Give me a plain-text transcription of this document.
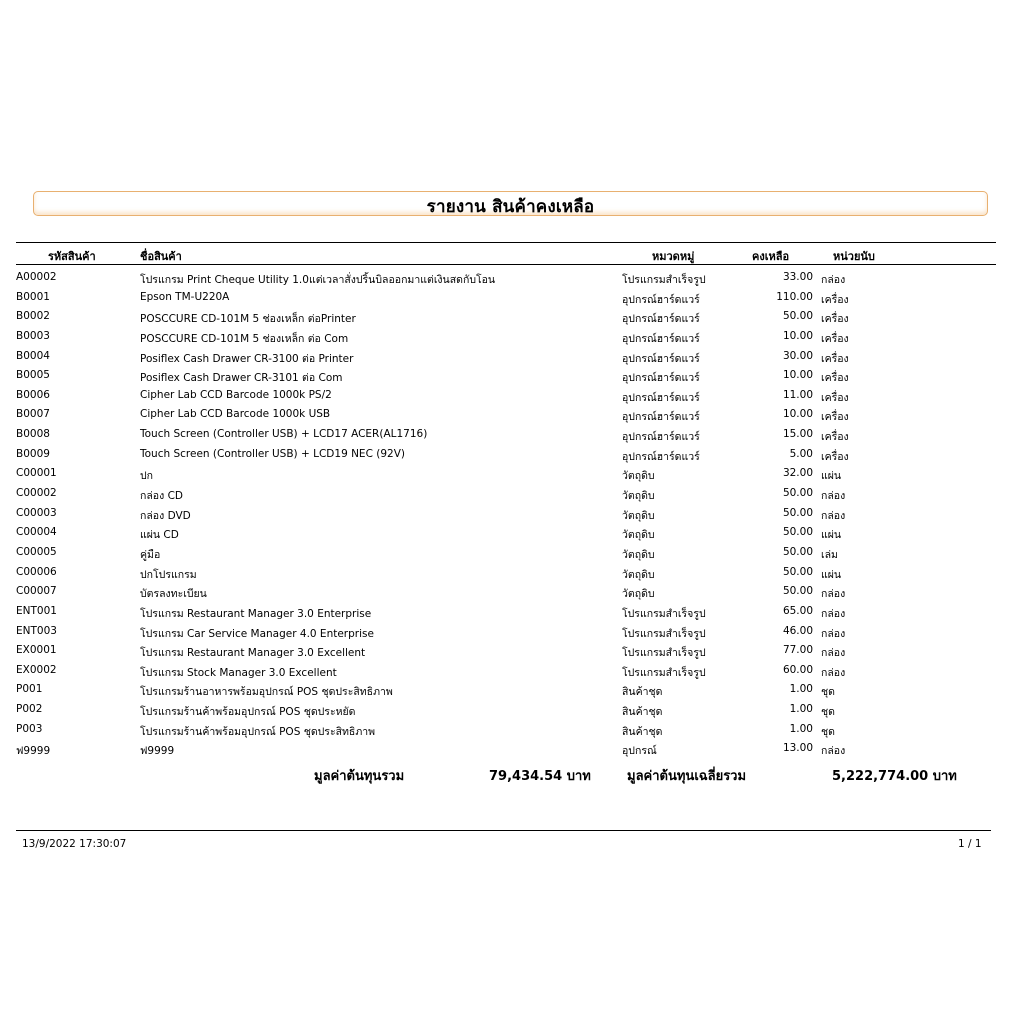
รายงาน สินค้าคงเหลือ
รหัสสินค้า	ชื่อสินค้า	หมวดหมู่	คงเหลือ	หน่วยนับ
A00002	โปรแกรม Print Cheque Utility 1.0แต่เวลาสั่งปริ้นบิลออกมาแต่เงินสดกับโอน	โปรแกรมสำเร็จรูป	33.00 กล่อง
B0001	Epson TM-U220A	อุปกรณ์ฮาร์ดแวร์	110.00 เครื่อง
B0002	POSCCURE CD-101M 5 ช่องเหล็ก ต่อPrinter	อุปกรณ์ฮาร์ดแวร์	50.00 เครื่อง
B0003	POSCCURE CD-101M 5 ช่องเหล็ก ต่อ Com	อุปกรณ์ฮาร์ดแวร์	10.00 เครื่อง
B0004	Posiflex Cash Drawer CR-3100 ต่อ Printer	อุปกรณ์ฮาร์ดแวร์	30.00 เครื่อง
B0005	Posiflex Cash Drawer CR-3101 ต่อ Com	อุปกรณ์ฮาร์ดแวร์	10.00 เครื่อง
B0006	Cipher Lab CCD Barcode 1000k PS/2	อุปกรณ์ฮาร์ดแวร์	11.00 เครื่อง
B0007	Cipher Lab CCD Barcode 1000k USB	อุปกรณ์ฮาร์ดแวร์	10.00 เครื่อง
B0008	Touch Screen (Controller USB) + LCD17 ACER(AL1716)	อุปกรณ์ฮาร์ดแวร์	15.00 เครื่อง
B0009	Touch Screen (Controller USB) + LCD19 NEC (92V)	อุปกรณ์ฮาร์ดแวร์	5.00 เครื่อง
C00001	ปก	วัตถุดิบ	32.00 แผ่น
C00002	กล่อง CD	วัตถุดิบ	50.00 กล่อง
C00003	กล่อง DVD	วัตถุดิบ	50.00 กล่อง
C00004	แผ่น CD	วัตถุดิบ	50.00 แผ่น
C00005	คู่มือ	วัตถุดิบ	50.00 เล่ม
C00006	ปกโปรแกรม	วัตถุดิบ	50.00 แผ่น
C00007	บัตรลงทะเบียน	วัตถุดิบ	50.00 กล่อง
ENT001	โปรแกรม Restaurant Manager 3.0 Enterprise	โปรแกรมสำเร็จรูป	65.00 กล่อง
ENT003	โปรแกรม Car Service Manager 4.0 Enterprise	โปรแกรมสำเร็จรูป	46.00 กล่อง
EX0001	โปรแกรม Restaurant Manager 3.0 Excellent	โปรแกรมสำเร็จรูป	77.00 กล่อง
EX0002	โปรแกรม Stock Manager 3.0 Excellent	โปรแกรมสำเร็จรูป	60.00 กล่อง
P001	โปรแกรมร้านอาหารพร้อมอุปกรณ์ POS ชุดประสิทธิภาพ	สินค้าชุด	1.00 ชุด
P002	โปรแกรมร้านค้าพร้อมอุปกรณ์ POS ชุดประหยัด	สินค้าชุด	1.00 ชุด
P003	โปรแกรมร้านค้าพร้อมอุปกรณ์ POS ชุดประสิทธิภาพ	สินค้าชุด	1.00 ชุด
ฟ9999	ฟ9999	อุปกรณ์	13.00 กล่อง
มูลค่าต้นทุนรวม	79,434.54 บาท	มูลค่าต้นทุนเฉลี่ยรวม	5,222,774.00 บาท
13/9/2022 17:30:07	1 / 1
